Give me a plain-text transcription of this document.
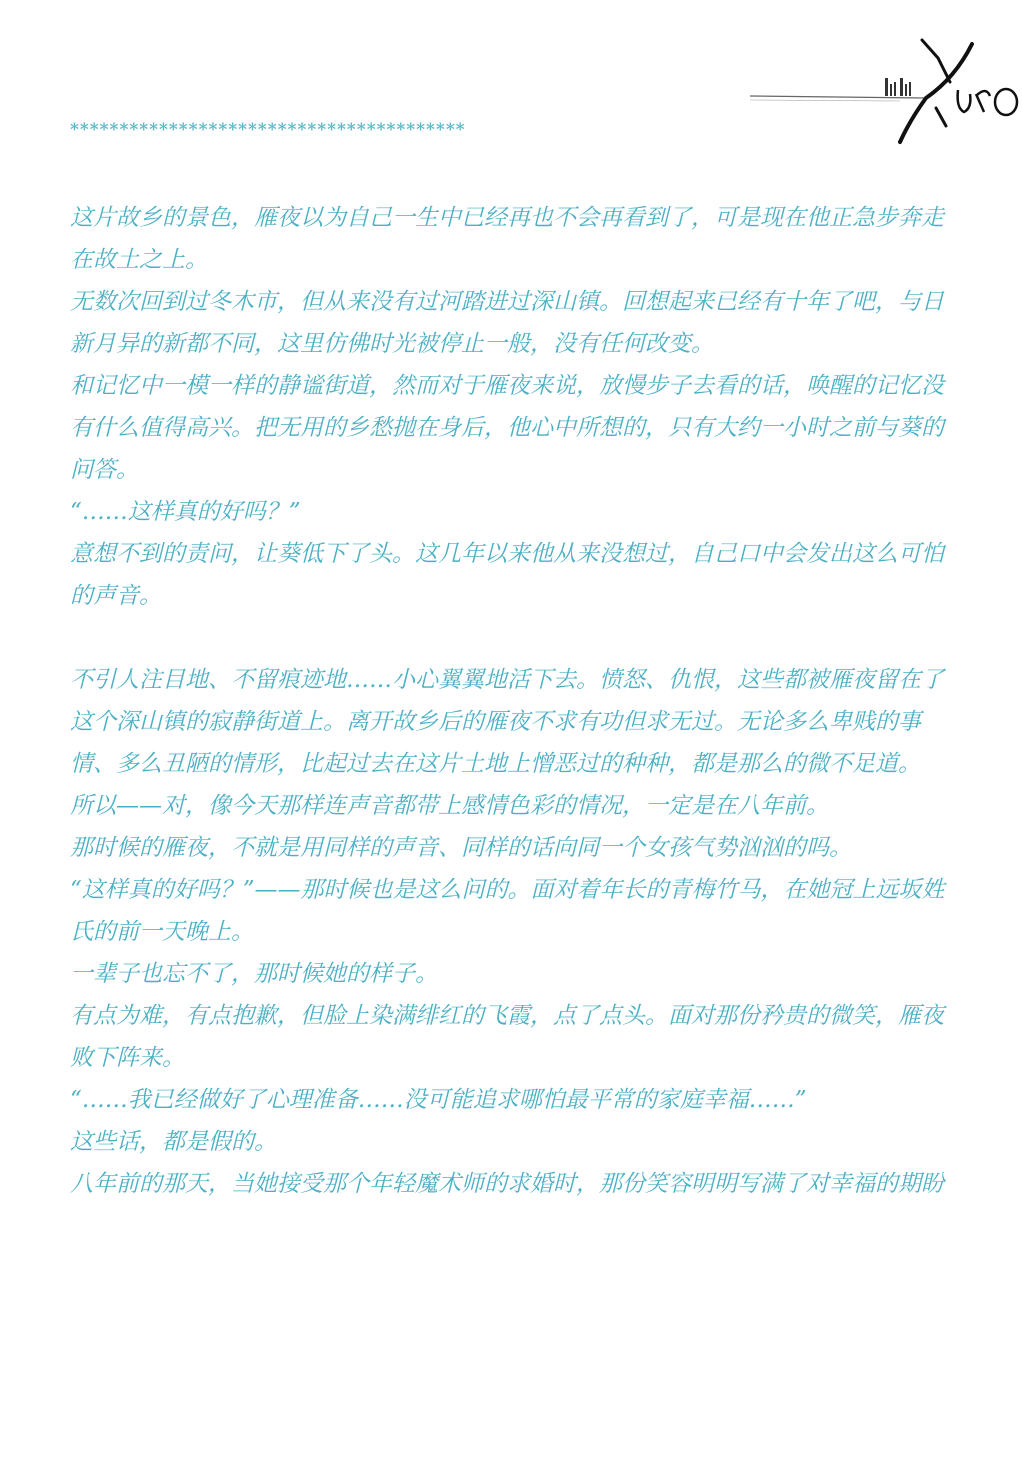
****************************************

这片故乡的景色，雁夜以为自己一生中已经再也不会再看到了，可是现在他正急步奔走在故土之上。

无数次回到过冬木市，但从来没有过河踏进过深山镇。回想起来已经有十年了吧，与日新月异的新都不同，这里仿佛时光被停止一般，没有任何改变。

和记忆中一模一样的静谧街道，然而对于雁夜来说，放慢步子去看的话，唤醒的记忆没有什么值得高兴。把无用的乡愁抛在身后，他心中所想的，只有大约一小时之前与葵的问答。

“……这样真的好吗？”

意想不到的责问，让葵低下了头。这几年以来他从来没想过，自己口中会发出这么可怕的声音。

不引人注目地、不留痕迹地……小心翼翼地活下去。愤怒、仇恨，这些都被雁夜留在了这个深山镇的寂静街道上。离开故乡后的雁夜不求有功但求无过。无论多么卑贱的事情、多么丑陋的情形，比起过去在这片土地上憎恶过的种种，都是那么的微不足道。

所以——对，像今天那样连声音都带上感情色彩的情况，一定是在八年前。

那时候的雁夜，不就是用同样的声音、同样的话向同一个女孩气势汹汹的吗。

“这样真的好吗？”——那时候也是这么问的。面对着年长的青梅竹马，在她冠上远坂姓氏的前一天晚上。

一辈子也忘不了，那时候她的样子。

有点为难，有点抱歉，但脸上染满绯红的飞霞，点了点头。面对那份矜贵的微笑，雁夜败下阵来。

“……我已经做好了心理准备……没可能追求哪怕最平常的家庭幸福……”

这些话，都是假的。

八年前的那天，当她接受那个年轻魔术师的求婚时，那份笑容明明写满了对幸福的期盼
